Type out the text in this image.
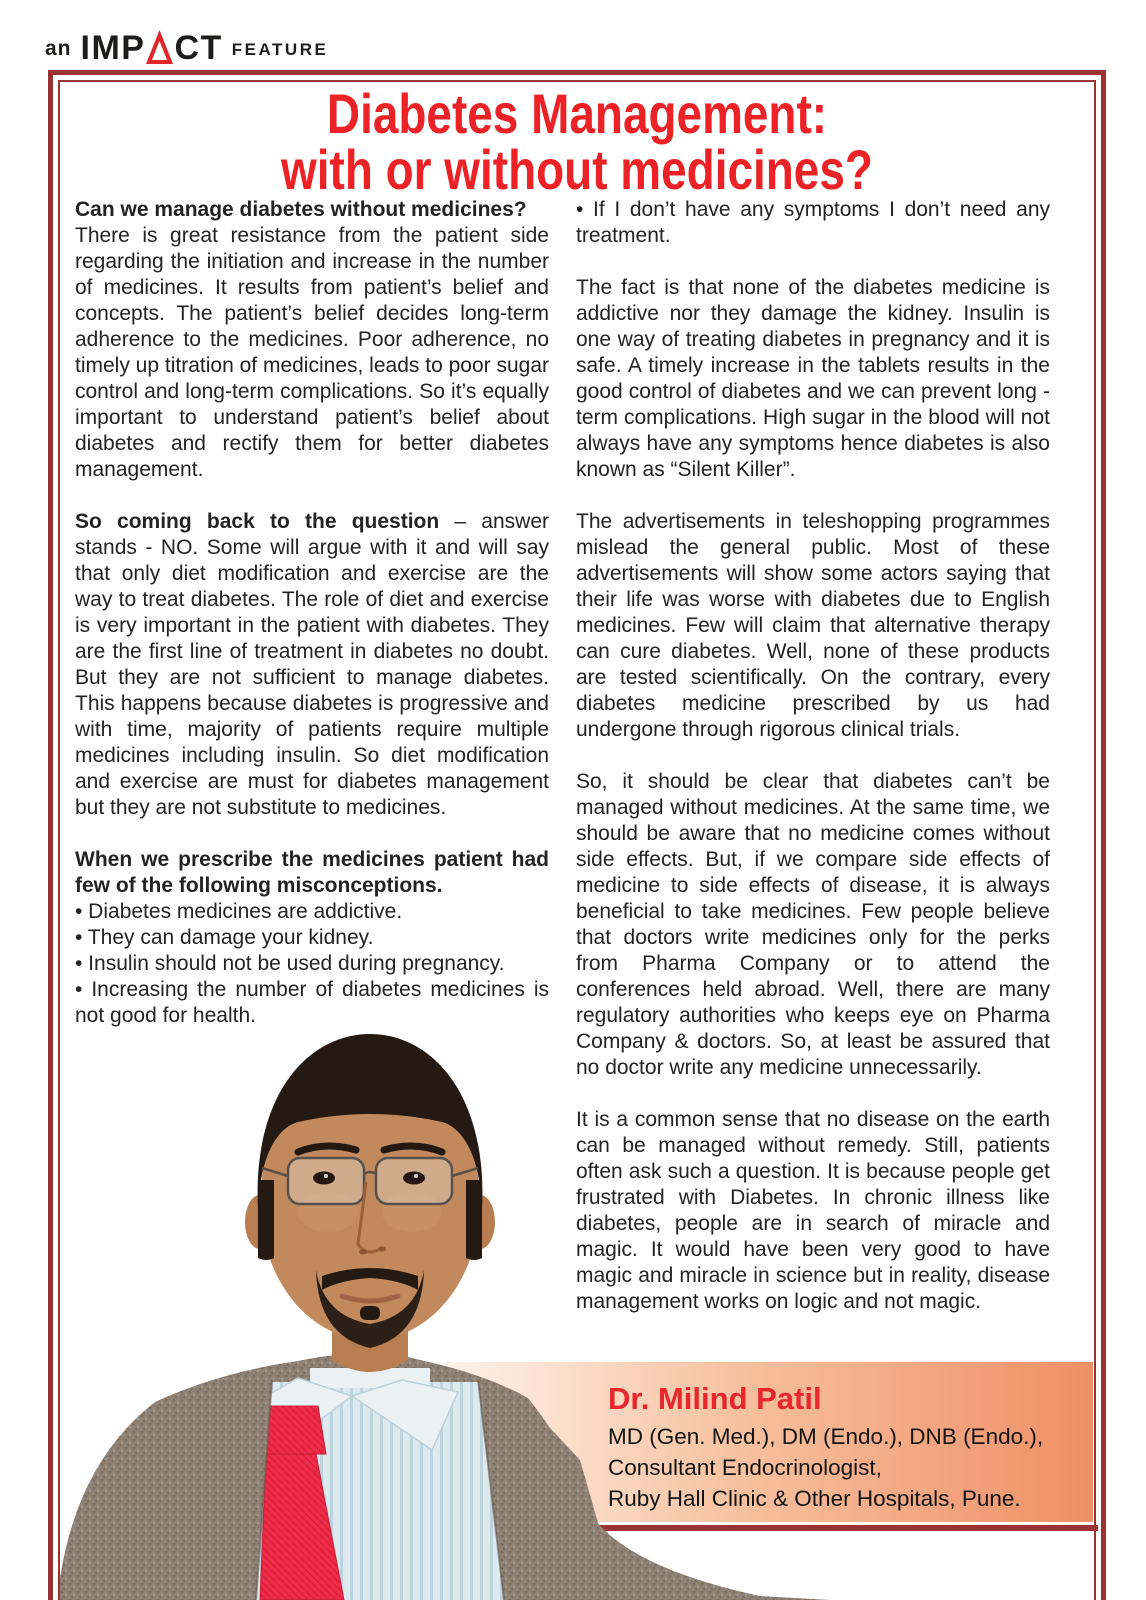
an IMP CT FEATURE
Diabetes Management:
with or without medicines?

Can we manage diabetes without medicines?
There is great resistance from the patient side regarding the initiation and increase in the number of medicines. It results from patient’s belief and concepts. The patient’s belief decides long-term adherence to the medicines. Poor adherence, no timely up titration of medicines, leads to poor sugar control and long-term complications. So it’s equally important to understand patient’s belief about diabetes and rectify them for better diabetes management.

So coming back to the question – answer stands - NO. Some will argue with it and will say that only diet modification and exercise are the way to treat diabetes. The role of diet and exercise is very important in the patient with diabetes. They are the first line of treatment in diabetes no doubt. But they are not sufficient to manage diabetes. This happens because diabetes is progressive and with time, majority of patients require multiple medicines including insulin. So diet modification and exercise are must for diabetes management but they are not substitute to medicines.

When we prescribe the medicines patient had few of the following misconceptions.
• Diabetes medicines are addictive.
• They can damage your kidney.
• Insulin should not be used during pregnancy.
• Increasing the number of diabetes medicines is not good for health.

• If I don’t have any symptoms I don’t need any treatment.

The fact is that none of the diabetes medicine is addictive nor they damage the kidney. Insulin is one way of treating diabetes in pregnancy and it is safe. A timely increase in the tablets results in the good control of diabetes and we can prevent long - term complications. High sugar in the blood will not always have any symptoms hence diabetes is also known as “Silent Killer”.

The advertisements in teleshopping programmes mislead the general public. Most of these advertisements will show some actors saying that their life was worse with diabetes due to English medicines. Few will claim that alternative therapy can cure diabetes. Well, none of these products are tested scientifically. On the contrary, every diabetes medicine prescribed by us had undergone through rigorous clinical trials.

So, it should be clear that diabetes can’t be managed without medicines. At the same time, we should be aware that no medicine comes without side effects. But, if we compare side effects of medicine to side effects of disease, it is always beneficial to take medicines. Few people believe that doctors write medicines only for the perks from Pharma Company or to attend the conferences held abroad. Well, there are many regulatory authorities who keeps eye on Pharma Company & doctors. So, at least be assured that no doctor write any medicine unnecessarily.

It is a common sense that no disease on the earth can be managed without remedy. Still, patients often ask such a question. It is because people get frustrated with Diabetes. In chronic illness like diabetes, people are in search of miracle and magic. It would have been very good to have magic and miracle in science but in reality, disease management works on logic and not magic.

Dr. Milind Patil
MD (Gen. Med.), DM (Endo.), DNB (Endo.),
Consultant Endocrinologist,
Ruby Hall Clinic & Other Hospitals, Pune.
